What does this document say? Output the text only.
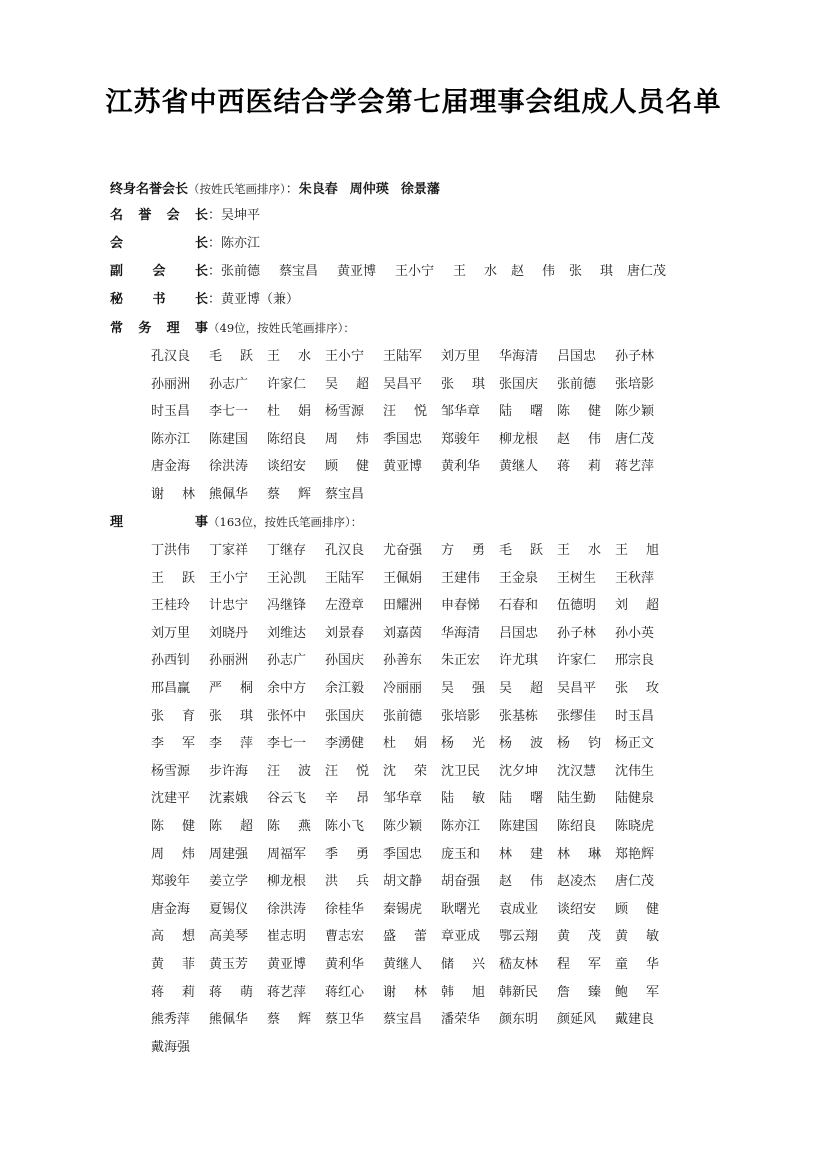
江苏省中西医结合学会第七届理事会组成人员名单
终身名誉会长（按姓氏笔画排序）：朱良春 周仲瑛 徐景藩
名 誉 会 长 ：吴坤平
会	长 ：陈亦江
副 会 长 ：张前德 蔡宝昌 黄亚博 王小宁 王 水 赵 伟 张 琪 唐仁茂
秘 书 长 ：黄亚博（兼）
常 务 理 事 （49位，按姓氏笔画排序）：
孔汉良 毛 跃 王 水 王小宁 王陆军 刘万里 华海清 吕国忠 孙子林
孙丽洲 孙志广 许家仁 吴 超 吴昌平 张 琪 张国庆 张前德 张培影
时玉昌 李七一 杜 娟 杨雪源 汪 悦 邹华章 陆 曙 陈 健 陈少颖
陈亦江 陈建国 陈绍良 周 炜 季国忠 郑骏年 柳龙根 赵 伟 唐仁茂
唐金海 徐洪涛 谈绍安 顾 健 黄亚博 黄利华 黄继人 蒋 莉 蒋艺萍
谢 林 熊佩华 蔡 辉 蔡宝昌
理	事 （163位，按姓氏笔画排序）：
丁洪伟 丁家祥 丁继存 孔汉良 尤奋强 方 勇 毛 跃 王 水 王 旭
王 跃 王小宁 王沁凯 王陆军 王佩娟 王建伟 王金泉 王树生 王秋萍
王桂玲 计忠宁 冯继锋 左澄章 田耀洲 申春悌 石春和 伍德明 刘 超
刘万里 刘晓丹 刘维达 刘景春 刘嘉茵 华海清 吕国忠 孙子林 孙小英
孙西钊 孙丽洲 孙志广 孙国庆 孙善东 朱正宏 许尤琪 许家仁 邢宗良
邢昌赢 严 桐 余中方 余江毅 冷丽丽 吴 强 吴 超 吴昌平 张 玫
张 育 张 琪 张怀中 张国庆 张前德 张培影 张基栋 张缪佳 时玉昌
李 军 李 萍 李七一 李湧健 杜 娟 杨 光 杨 波 杨 钧 杨正文
杨雪源 步许海 汪 波 汪 悦 沈 荣 沈卫民 沈夕坤 沈汉慧 沈伟生
沈建平 沈素娥 谷云飞 辛 昂 邹华章 陆 敏 陆 曙 陆生勤 陆健泉
陈 健 陈 超 陈 燕 陈小飞 陈少颖 陈亦江 陈建国 陈绍良 陈晓虎
周 炜 周建强 周福军 季 勇 季国忠 庞玉和 林 建 林 琳 郑艳辉
郑骏年 姜立学 柳龙根 洪 兵 胡文静 胡奋强 赵 伟 赵凌杰 唐仁茂
唐金海 夏锡仪 徐洪涛 徐桂华 秦锡虎 耿曙光 袁成业 谈绍安 顾 健
高 想 高美琴 崔志明 曹志宏 盛 蕾 章亚成 鄂云翔 黄 茂 黄 敏
黄 菲 黄玉芳 黄亚博 黄利华 黄继人 储 兴 嵇友林 程 军 童 华
蒋 莉 蒋 萌 蒋艺萍 蒋红心 谢 林 韩 旭 韩新民 詹 臻 鲍 军
熊秀萍 熊佩华 蔡 辉 蔡卫华 蔡宝昌 潘荣华 颜东明 颜延风 戴建良
戴海强
